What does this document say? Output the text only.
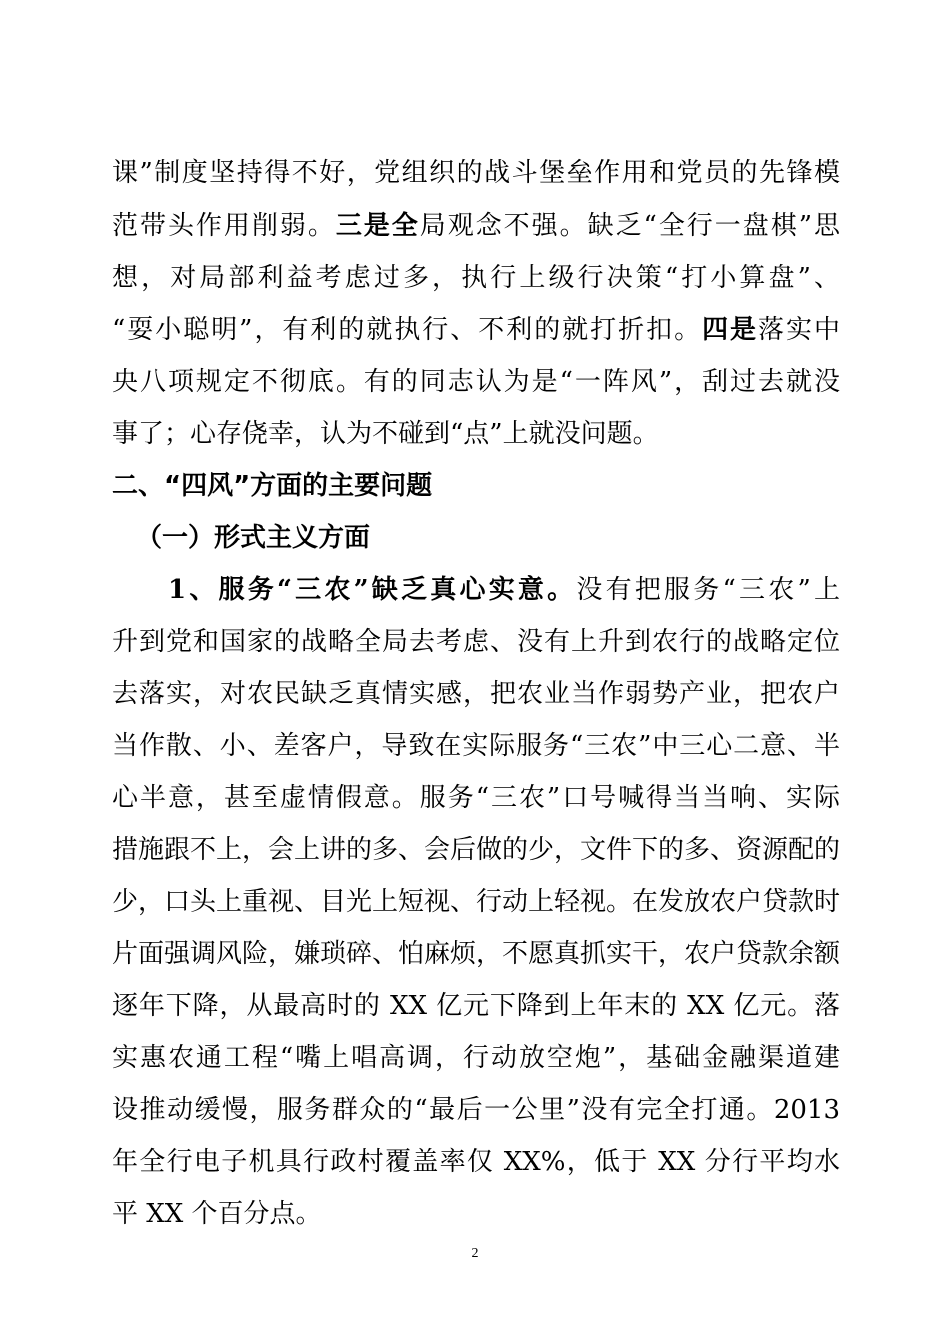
课”制度坚持得不好，党组织的战斗堡垒作用和党员的先锋模
范带头作用削弱。三是全局观念不强。缺乏“全行一盘棋”思
想，对局部利益考虑过多，执行上级行决策“打小算盘”、
“耍小聪明”，有利的就执行、不利的就打折扣。四是落实中
央八项规定不彻底。有的同志认为是“一阵风”，刮过去就没
事了；心存侥幸，认为不碰到“点”上就没问题。
二、“四风”方面的主要问题
（一）形式主义方面
1、服务“三农”缺乏真心实意。没有把服务“三农”上
升到党和国家的战略全局去考虑、没有上升到农行的战略定位
去落实，对农民缺乏真情实感，把农业当作弱势产业，把农户
当作散、小、差客户，导致在实际服务“三农”中三心二意、半
心半意，甚至虚情假意。服务“三农”口号喊得当当响、实际
措施跟不上，会上讲的多、会后做的少，文件下的多、资源配的
少，口头上重视、目光上短视、行动上轻视。在发放农户贷款时
片面强调风险，嫌琐碎、怕麻烦，不愿真抓实干，农户贷款余额
逐年下降，从最高时的 XX 亿元下降到上年末的 XX 亿元。落
实惠农通工程“嘴上唱高调，行动放空炮”，基础金融渠道建
设推动缓慢，服务群众的“最后一公里”没有完全打通。2013
年全行电子机具行政村覆盖率仅 XX%，低于 XX 分行平均水
平 XX 个百分点。
2
